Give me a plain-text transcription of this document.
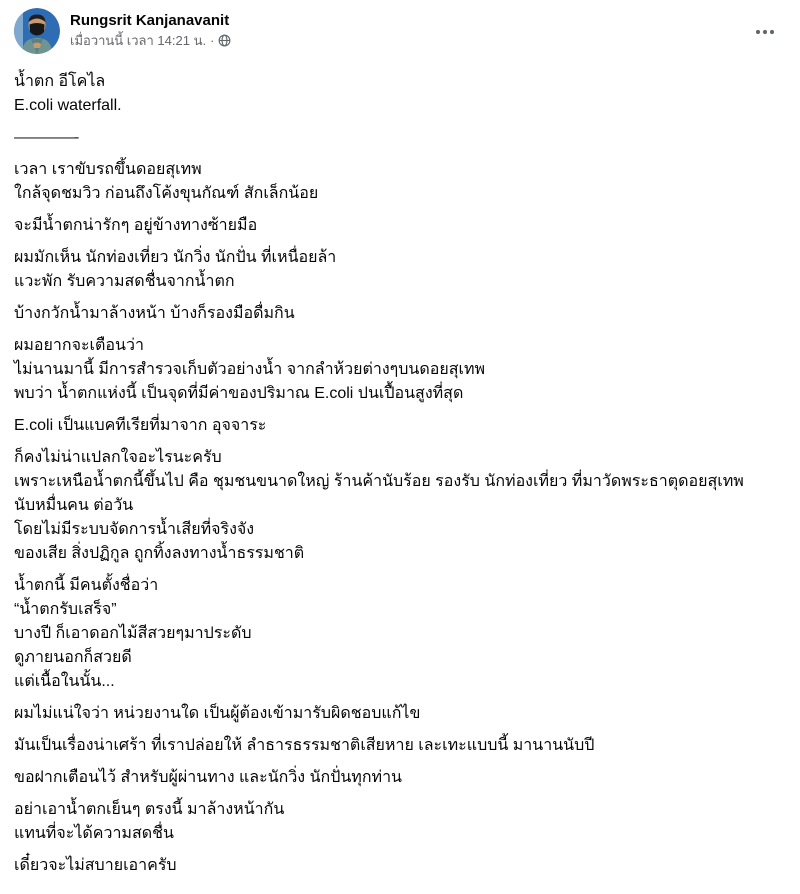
Rungsrit Kanjanavanit
เมื่อวานนี้ เวลา 14:21 น. ·
น้ำตก อีโคไล
E.coli waterfall.
————-
เวลา เราขับรถขึ้นดอยสุเทพ
ใกล้จุดชมวิว ก่อนถึงโค้งขุนกัณฑ์ สักเล็กน้อย
จะมีน้ำตกน่ารักๆ อยู่ข้างทางซ้ายมือ
ผมมักเห็น นักท่องเที่ยว นักวิ่ง นักปั่น ที่เหนื่อยล้า
แวะพัก รับความสดชื่นจากน้ำตก
บ้างกวักน้ำมาล้างหน้า บ้างก็รองมือดื่มกิน
ผมอยากจะเตือนว่า
ไม่นานมานี้ มีการสำรวจเก็บตัวอย่างน้ำ จากลำห้วยต่างๆบนดอยสุเทพ
พบว่า น้ำตกแห่งนี้ เป็นจุดที่มีค่าของปริมาณ E.coli ปนเปื้อนสูงที่สุด
E.coli เป็นแบคทีเรียที่มาจาก อุจจาระ
ก็คงไม่น่าแปลกใจอะไรนะครับ
เพราะเหนือน้ำตกนี้ขึ้นไป คือ ชุมชนขนาดใหญ่ ร้านค้านับร้อย รองรับ นักท่องเที่ยว ที่มาวัดพระธาตุดอยสุเทพ
นับหมื่นคน ต่อวัน
โดยไม่มีระบบจัดการน้ำเสียที่จริงจัง
ของเสีย สิ่งปฏิกูล ถูกทิ้งลงทางน้ำธรรมชาติ
น้ำตกนี้ มีคนตั้งชื่อว่า
“น้ำตกรับเสร็จ”
บางปี ก็เอาดอกไม้สีสวยๆมาประดับ
ดูภายนอกก็สวยดี
แต่เนื้อในนั้น...
ผมไม่แน่ใจว่า หน่วยงานใด เป็นผู้ต้องเข้ามารับผิดชอบแก้ไข
มันเป็นเรื่องน่าเศร้า ที่เราปล่อยให้ ลำธารธรรมชาติเสียหาย เละเทะแบบนี้ มานานนับปี
ขอฝากเตือนไว้ สำหรับผู้ผ่านทาง และนักวิ่ง นักปั่นทุกท่าน
อย่าเอาน้ำตกเย็นๆ ตรงนี้ มาล้างหน้ากัน
แทนที่จะได้ความสดชื่น
เดี๋ยวจะไม่สบายเอาครับ
